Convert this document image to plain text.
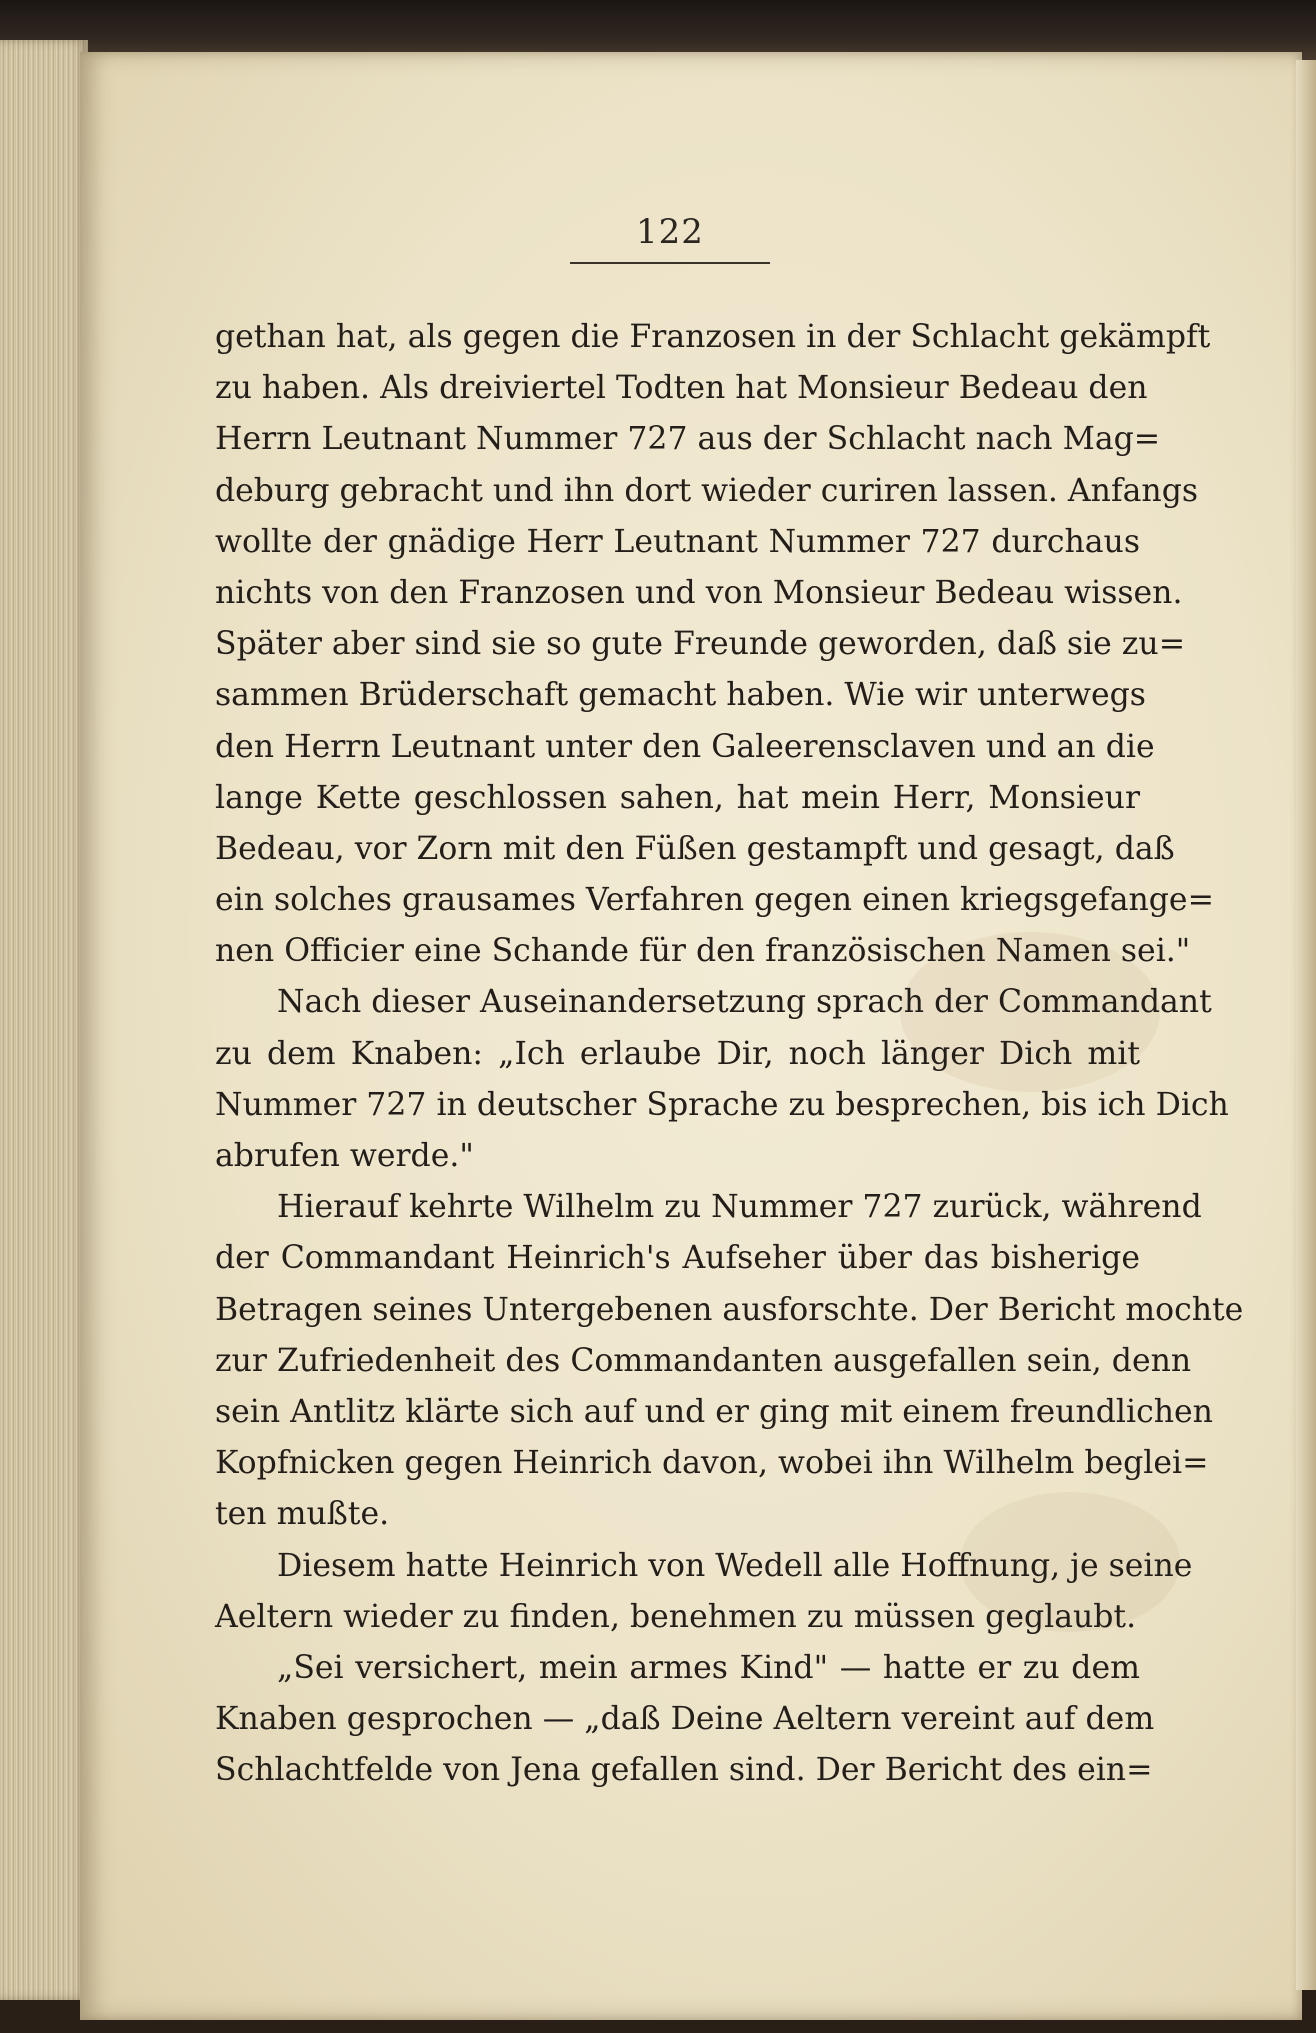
122
gethan hat, als gegen die Franzosen in der Schlacht gekämpft
zu haben. Als dreiviertel Todten hat Monsieur Bedeau den
Herrn Leutnant Nummer 727 aus der Schlacht nach Mag=
deburg gebracht und ihn dort wieder curiren lassen. Anfangs
wollte der gnädige Herr Leutnant Nummer 727 durchaus
nichts von den Franzosen und von Monsieur Bedeau wissen.
Später aber sind sie so gute Freunde geworden, daß sie zu=
sammen Brüderschaft gemacht haben. Wie wir unterwegs
den Herrn Leutnant unter den Galeerensclaven und an die
lange Kette geschlossen sahen, hat mein Herr, Monsieur
Bedeau, vor Zorn mit den Füßen gestampft und gesagt, daß
ein solches grausames Verfahren gegen einen kriegsgefange=
nen Officier eine Schande für den französischen Namen sei."
Nach dieser Auseinandersetzung sprach der Commandant
zu dem Knaben: „Ich erlaube Dir, noch länger Dich mit
Nummer 727 in deutscher Sprache zu besprechen, bis ich Dich
abrufen werde."
Hierauf kehrte Wilhelm zu Nummer 727 zurück, während
der Commandant Heinrich's Aufseher über das bisherige
Betragen seines Untergebenen ausforschte. Der Bericht mochte
zur Zufriedenheit des Commandanten ausgefallen sein, denn
sein Antlitz klärte sich auf und er ging mit einem freundlichen
Kopfnicken gegen Heinrich davon, wobei ihn Wilhelm beglei=
ten mußte.
Diesem hatte Heinrich von Wedell alle Hoffnung, je seine
Aeltern wieder zu finden, benehmen zu müssen geglaubt.
„Sei versichert, mein armes Kind" — hatte er zu dem
Knaben gesprochen — „daß Deine Aeltern vereint auf dem
Schlachtfelde von Jena gefallen sind. Der Bericht des ein=
